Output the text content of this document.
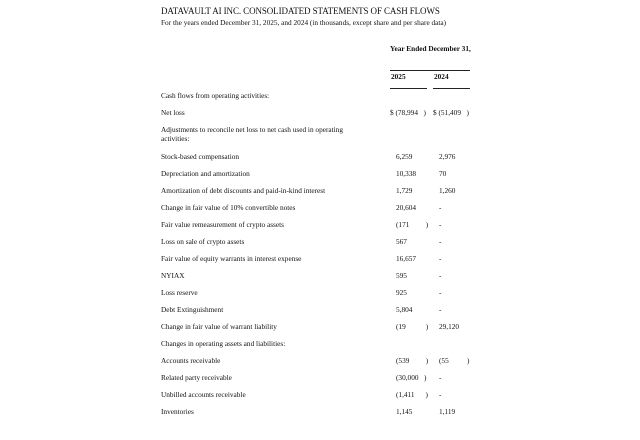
DATAVAULT AI INC. CONSOLIDATED STATEMENTS OF CASH FLOWS
For the years ended December 31, 2025, and 2024 (in thousands, except share and per share data)
Year Ended December 31,
2025	2024
Cash flows from operating activities:
Net loss	$ (78,994   ) $ (51,409   )
Adjustments to reconcile net loss to net cash used in operating activities:
Stock-based compensation	6,259	2,976
Depreciation and amortization	10,338	70
Amortization of debt discounts and paid-in-kind interest	1,729	1,260
Change in fair value of 10% convertible notes	20,604	-
Fair value remeasurement of crypto assets	(171         ) -
Loss on sale of crypto assets	567	-
Fair value of equity warrants in interest expense	16,657	-
NYIAX	595	-
Loss reserve	925	-
Debt Extinguishment	5,804	-
Change in fair value of warrant liability	(19           ) 29,120
Changes in operating assets and liabilities:
Accounts receivable	(539         ) (55          )
Related party receivable	(30,000   ) -
Unbilled accounts receivable	(1,411      ) -
Inventories	1,145	1,119
